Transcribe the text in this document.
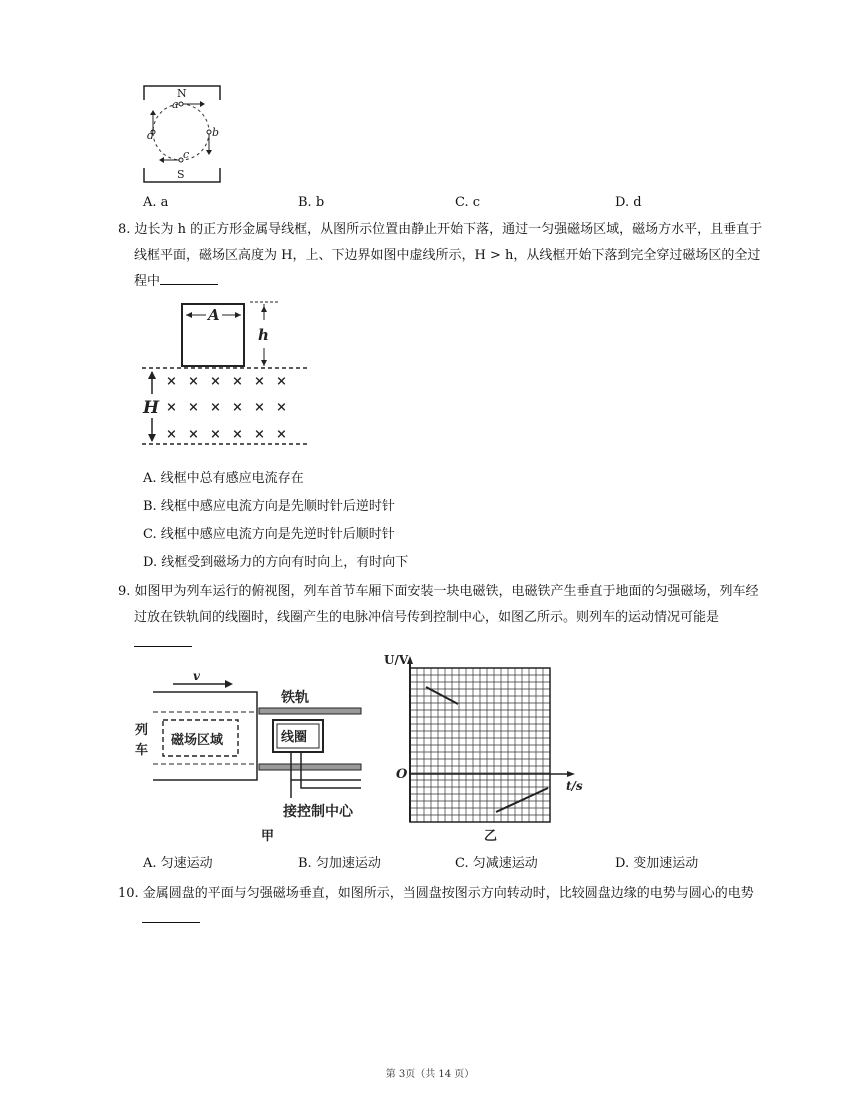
N
S
a
b
c
d
A. a	B. b	C. c	D. d
8. 边长为 h 的正方形金属导线框，从图所示位置由静止开始下落，通过一匀强磁场区域，磁场方水平，且垂直于线框平面，磁场区高度为 H，上、下边界如图中虚线所示，H > h，从线框开始下落到完全穿过磁场区的全过程中
A
h
H
× × × × × ×
× × × × × ×
× × × × × ×
A. 线框中总有感应电流存在
B. 线框中感应电流方向是先顺时针后逆时针
C. 线框中感应电流方向是先逆时针后顺时针
D. 线框受到磁场力的方向有时向上，有时向下
9. 如图甲为列车运行的俯视图，列车首节车厢下面安装一块电磁铁，电磁铁产生垂直于地面的匀强磁场，列车经过放在铁轨间的线圈时，线圈产生的电脉冲信号传到控制中心，如图乙所示。则列车的运动情况可能是
v
磁场区域
列
车
铁轨
线圈
接控制中心
甲
U/V
t/s
O
乙
A. 匀速运动	B. 匀加速运动	C. 匀减速运动	D. 变加速运动
10. 金属圆盘的平面与匀强磁场垂直，如图所示，当圆盘按图示方向转动时，比较圆盘边缘的电势与圆心的电势
第 3页（共 14 页）
